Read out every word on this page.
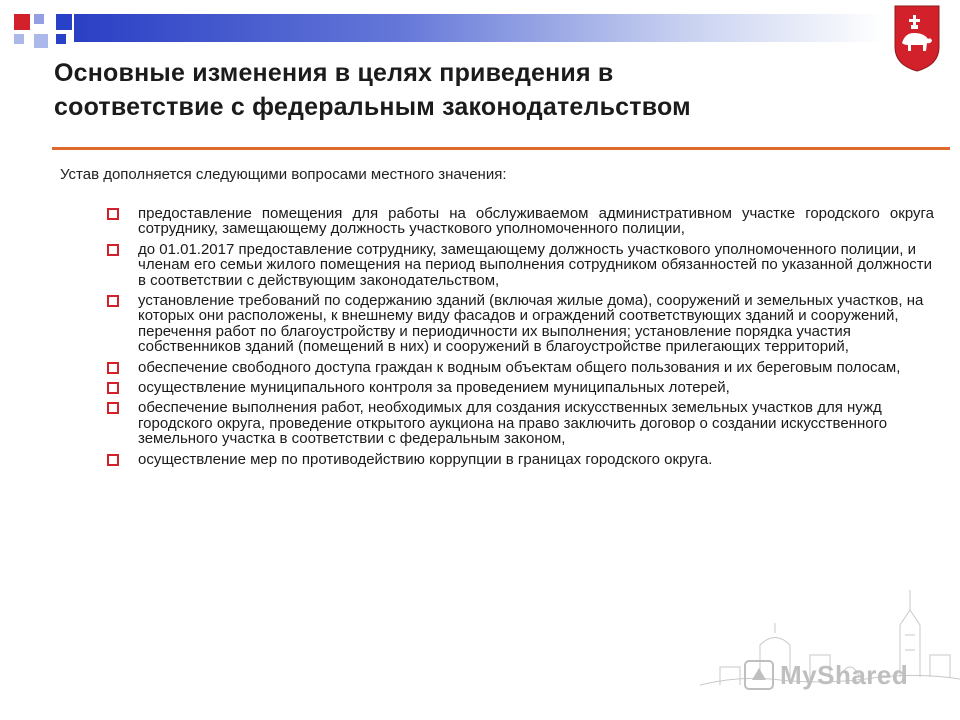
Основные изменения в целях приведения в
соответствие с федеральным законодательством
Устав дополняется следующими вопросами местного значения:
предоставление помещения для работы на обслуживаемом административном участке городского округа сотруднику, замещающему должность участкового уполномоченного полиции,
до 01.01.2017 предоставление сотруднику, замещающему должность участкового уполномоченного полиции, и членам его семьи жилого помещения на период выполнения сотрудником обязанностей по указанной должности в соответствии с действующим законодательством,
установление требований по содержанию зданий (включая жилые дома), сооружений и земельных участков, на которых они расположены, к внешнему виду фасадов и ограждений соответствующих зданий и сооружений, перечення работ по благоустройству и периодичности их выполнения; установление порядка участия собственников зданий (помещений в них) и сооружений в благоустройстве прилегающих территорий,
обеспечение свободного доступа граждан к водным объектам общего пользования и их береговым полосам,
осуществление муниципального контроля за проведением муниципальных лотерей,
обеспечение выполнения работ, необходимых для создания искусственных земельных участков для нужд городского округа, проведение открытого аукциона на право заключить договор о создании искусственного земельного участка в соответствии с федеральным законом,
осуществление мер по противодействию коррупции в границах городского округа.
MyShared
